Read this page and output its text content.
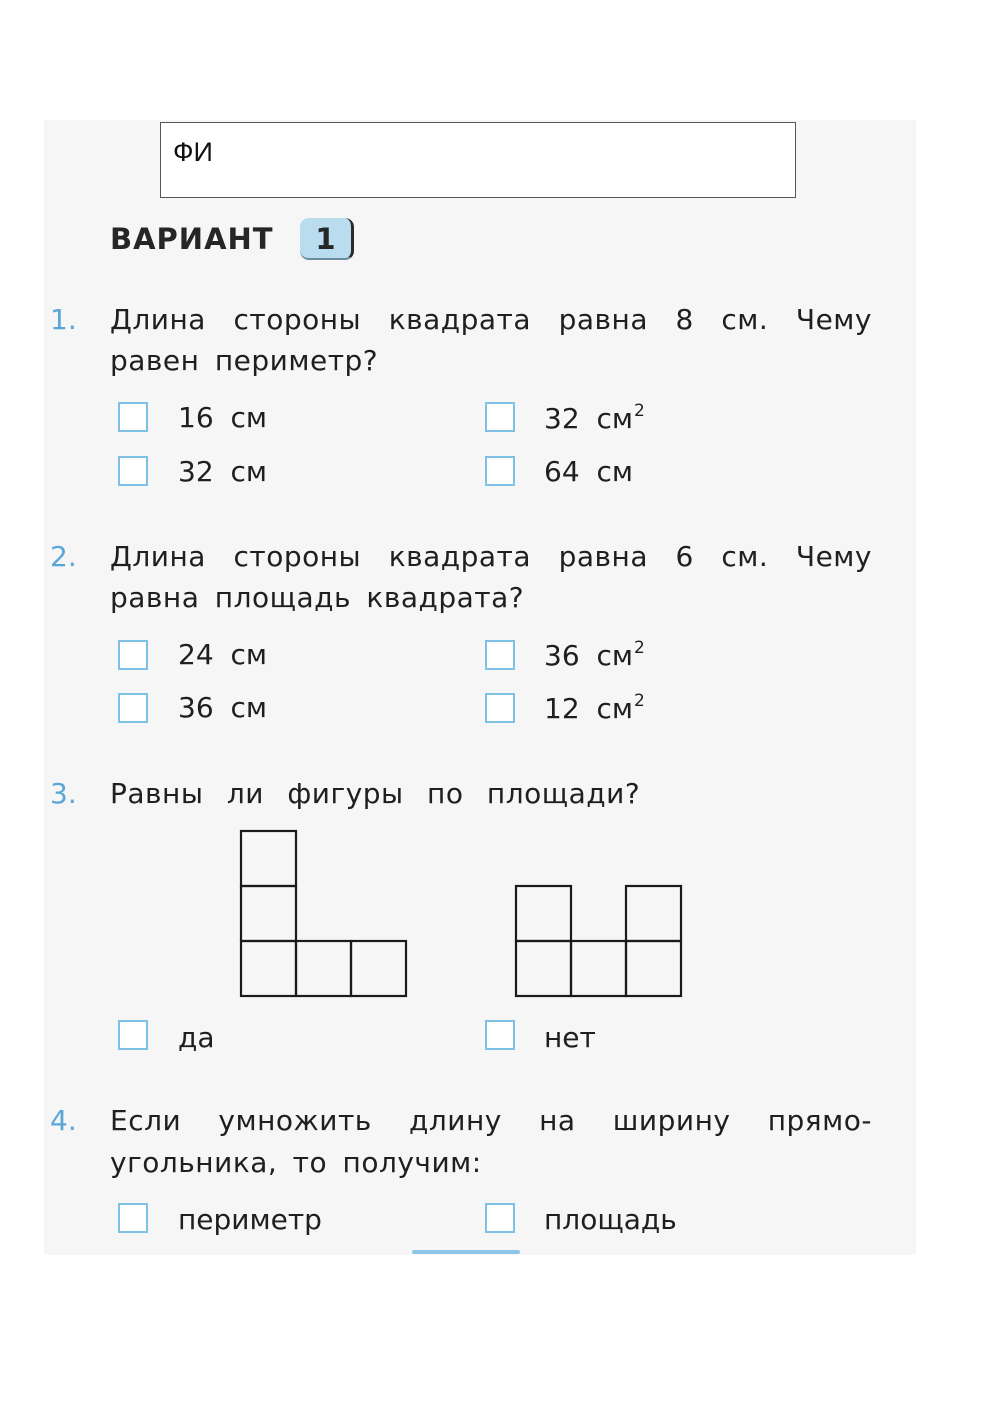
ФИ
ВАРИАНТ	1
1. Длина стороны квадрата равна 8 см. Чему
равен периметр?
16 см	32 $см^2$
32 см	64 см
2. Длина стороны квадрата равна 6 см. Чему
равна площадь квадрата?
24 см	36 $см^2$
36 см	12 $см^2$
3. Равны ли фигуры по площади?
да	нет
4. Если умножить длину на ширину прямо-
угольника, то получим:
периметр	площадь
